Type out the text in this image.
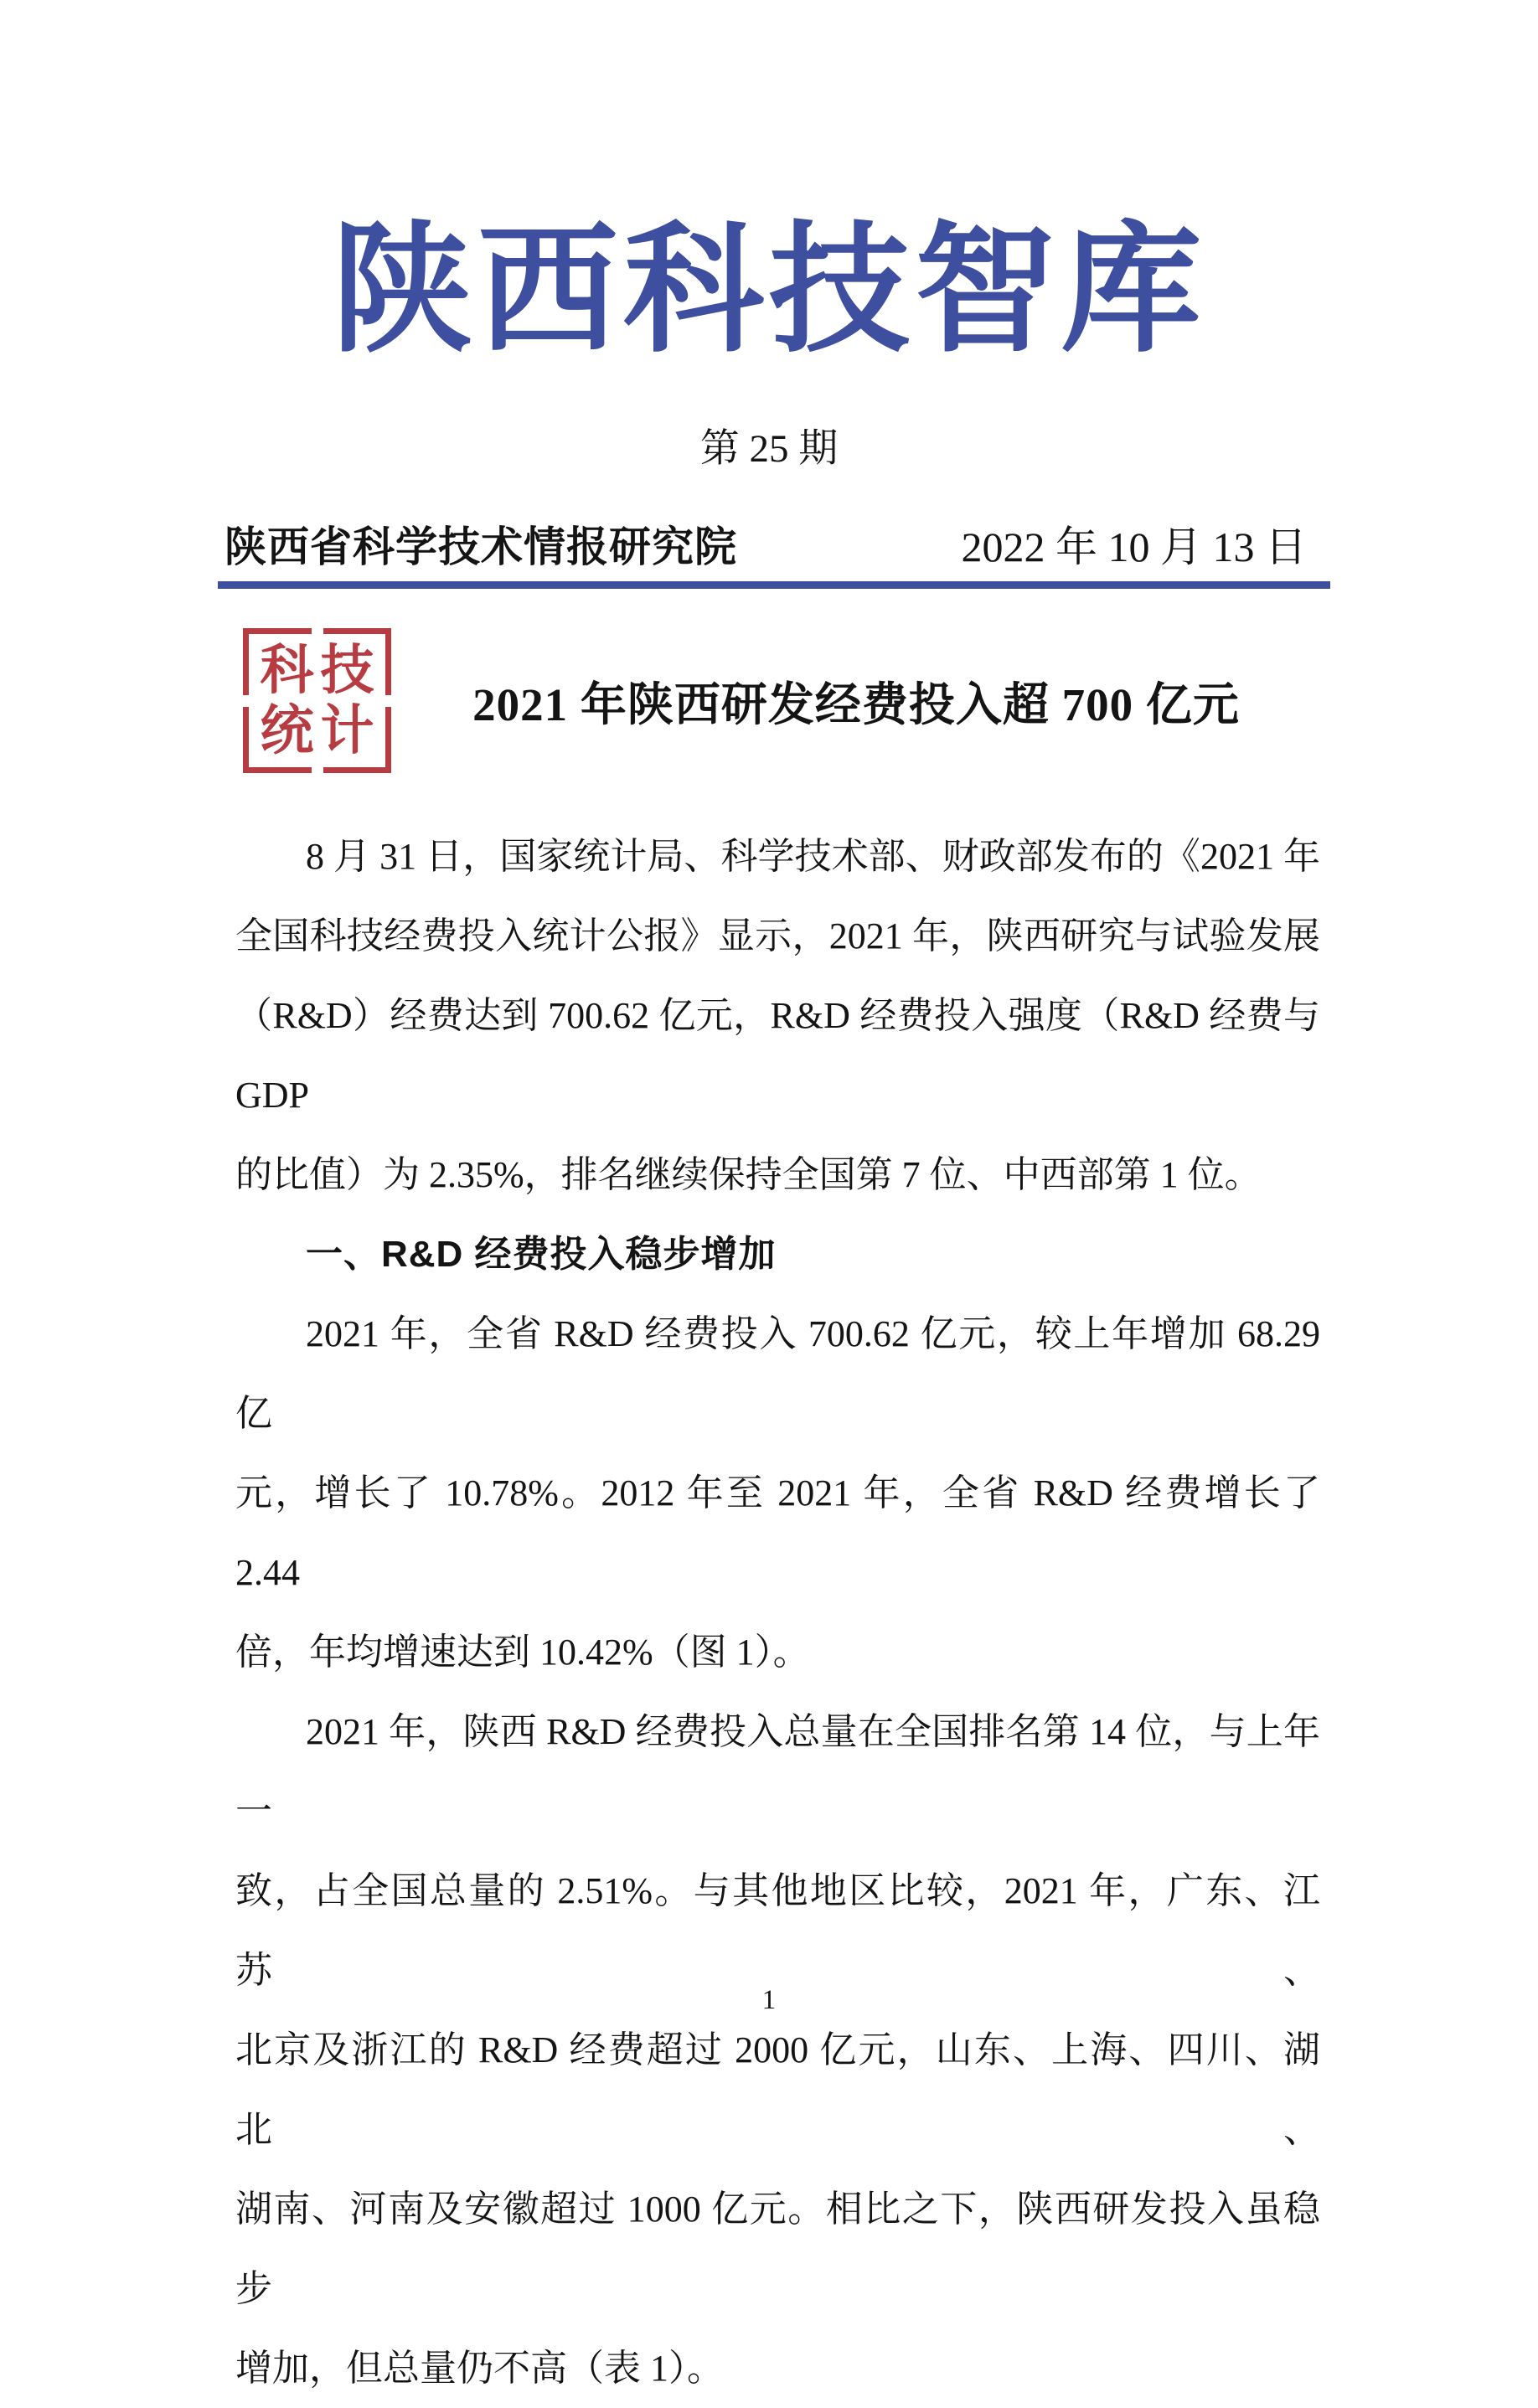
陕西科技智库
第 25 期
陕西省科学技术情报研究院	2022 年 10 月 13 日
科技
统计 2021 年陕西研发经费投入超 700 亿元
8 月 31 日，国家统计局、科学技术部、财政部发布的《2021 年
全国科技经费投入统计公报》显示，2021 年，陕西研究与试验发展
（R&D）经费达到 700.62 亿元，R&D 经费投入强度（R&D 经费与 GDP
的比值）为 2.35%，排名继续保持全国第 7 位、中西部第 1 位。
一、R&D 经费投入稳步增加
2021 年，全省 R&D 经费投入 700.62 亿元，较上年增加 68.29 亿
元，增长了 10.78%。2012 年至 2021 年，全省 R&D 经费增长了 2.44
倍，年均增速达到 10.42%（图 1）。
2021 年，陕西 R&D 经费投入总量在全国排名第 14 位，与上年一
致，占全国总量的 2.51%。与其他地区比较，2021 年，广东、江苏、
北京及浙江的 R&D 经费超过 2000 亿元，山东、上海、四川、湖北、
湖南、河南及安徽超过 1000 亿元。相比之下，陕西研发投入虽稳步
增加，但总量仍不高（表 1）。
1
